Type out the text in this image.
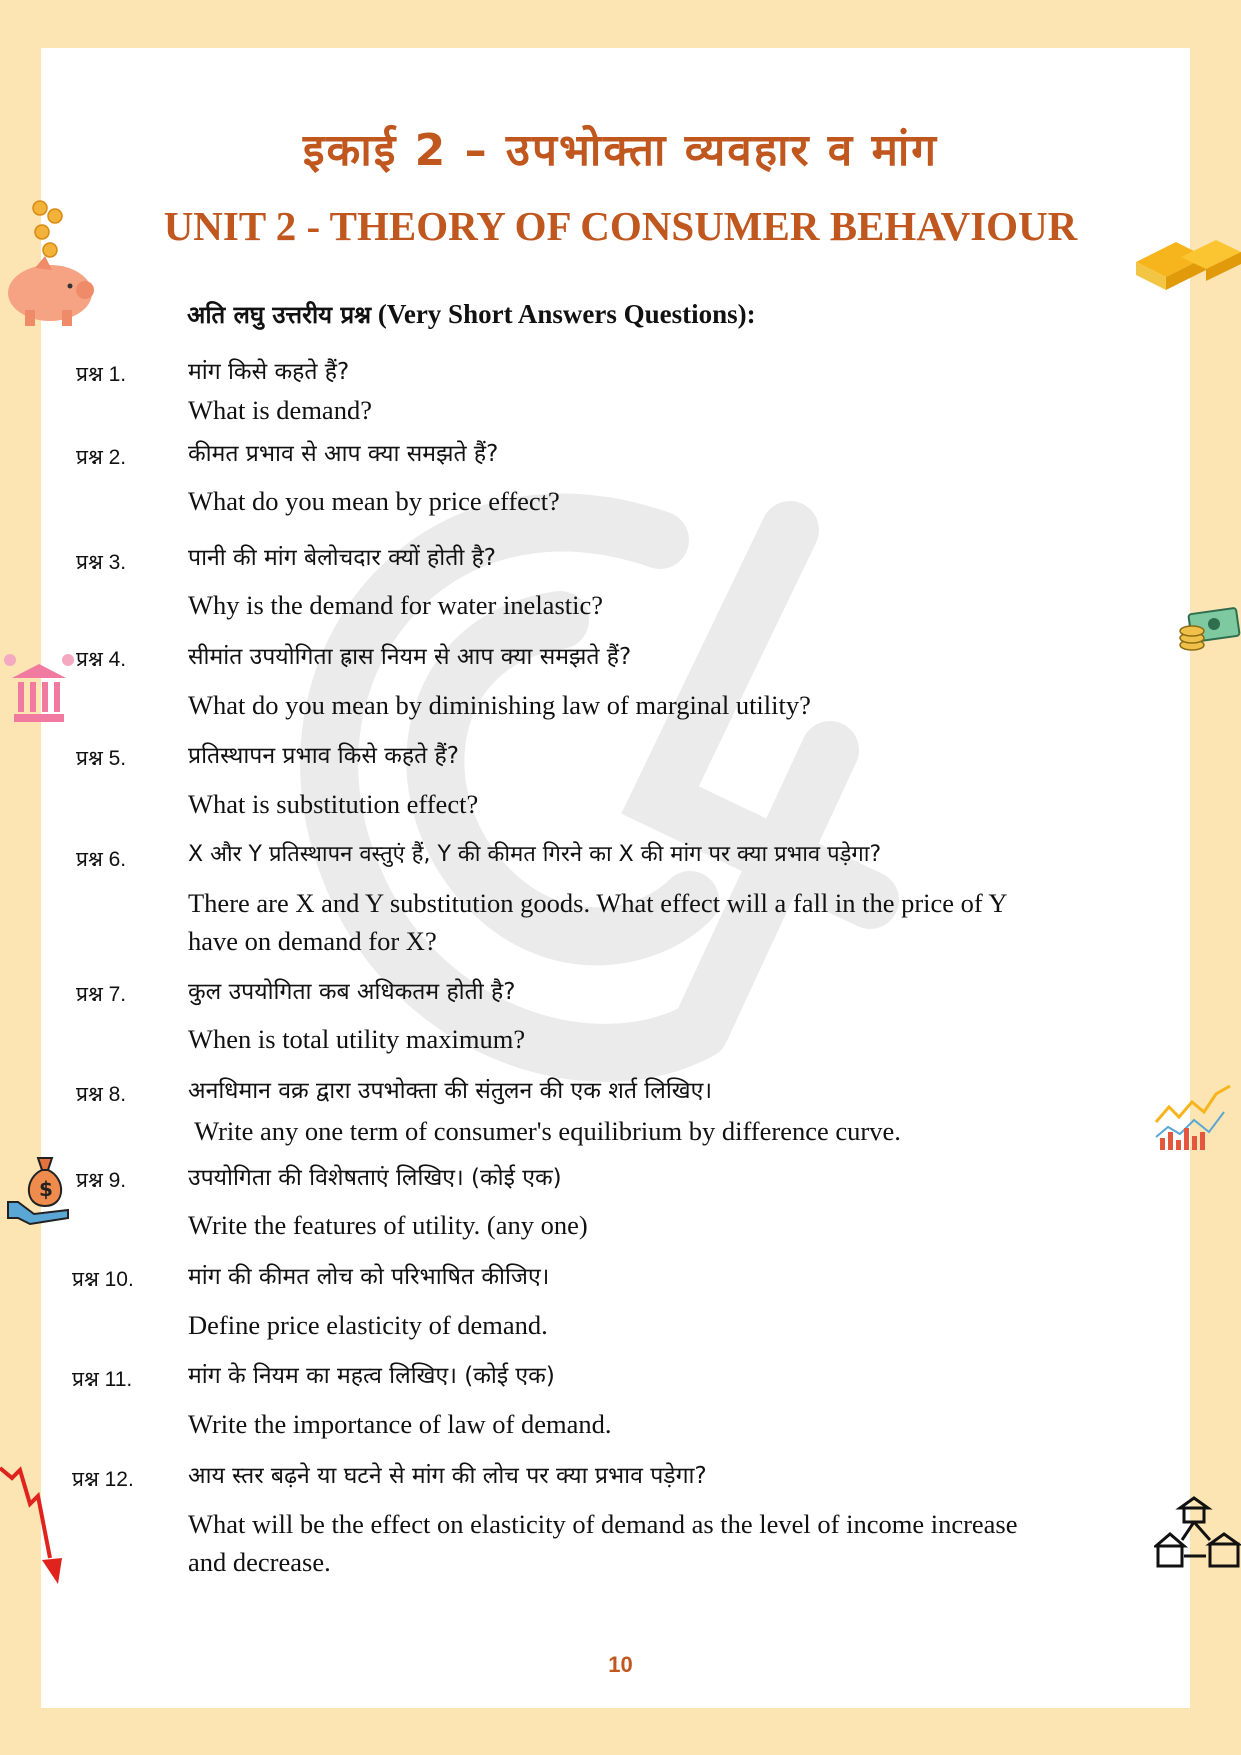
इकाई 2 – उपभोक्ता व्यवहार व मांग
UNIT 2 - THEORY OF CONSUMER BEHAVIOUR
अति लघु उत्तरीय प्रश्न (Very Short Answers Questions):
प्रश्न 1.	मांग किसे कहते हैं?
What is demand?
प्रश्न 2.	कीमत प्रभाव से आप क्या समझते हैं?
What do you mean by price effect?
प्रश्न 3.	पानी की मांग बेलोचदार क्यों होती है?
Why is the demand for water inelastic?
प्रश्न 4.	सीमांत उपयोगिता ह्रास नियम से आप क्या समझते हैं?
What do you mean by diminishing law of marginal utility?
प्रश्न 5.	प्रतिस्थापन प्रभाव किसे कहते हैं?
What is substitution effect?
प्रश्न 6.	X और Y प्रतिस्थापन वस्तुएं हैं, Y की कीमत गिरने का X की मांग पर क्या प्रभाव पड़ेगा?
There are X and Y substitution goods. What effect will a fall in the price of Y
have on demand for X?
प्रश्न 7.	कुल उपयोगिता कब अधिकतम होती है?
When is total utility maximum?
प्रश्न 8.	अनधिमान वक्र द्वारा उपभोक्ता की संतुलन की एक शर्त लिखिए।
Write any one term of consumer's equilibrium by difference curve.
प्रश्न 9.	उपयोगिता की विशेषताएं लिखिए। (कोई एक)
Write the features of utility. (any one)
प्रश्न 10.	मांग की कीमत लोच को परिभाषित कीजिए।
Define price elasticity of demand.
प्रश्न 11.	मांग के नियम का महत्व लिखिए। (कोई एक)
Write the importance of law of demand.
प्रश्न 12.	आय स्तर बढ़ने या घटने से मांग की लोच पर क्या प्रभाव पड़ेगा?
What will be the effect on elasticity of demand as the level of income increase
and decrease.
10
$
